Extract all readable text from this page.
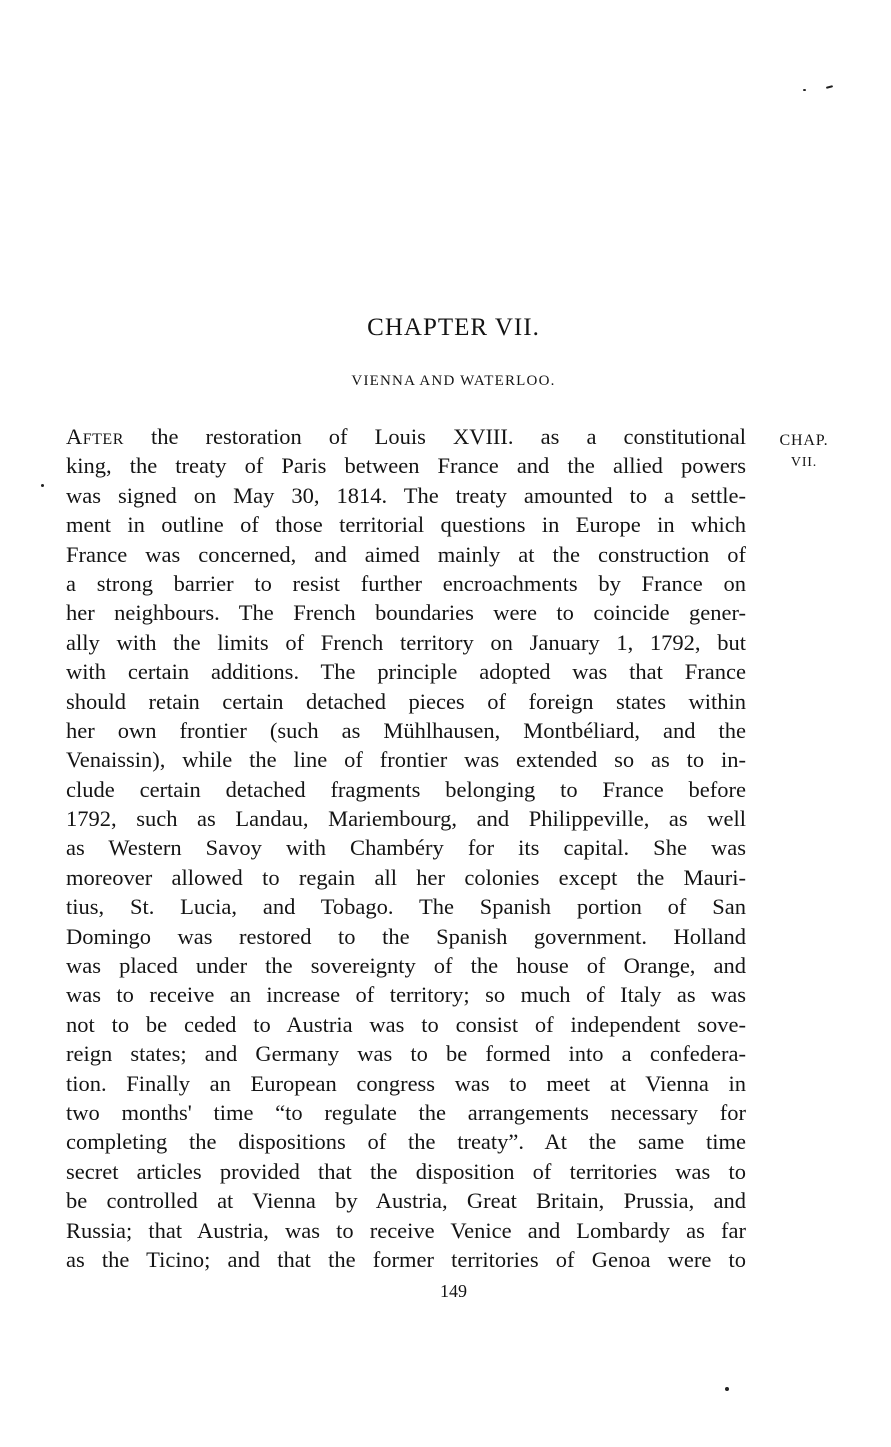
CHAPTER VII.
VIENNA AND WATERLOO.
CHAP.
VII.
After the restoration of Louis XVIII. as a constitutional
king, the treaty of Paris between France and the allied powers
was signed on May 30, 1814. The treaty amounted to a settle-
ment in outline of those territorial questions in Europe in which
France was concerned, and aimed mainly at the construction of
a strong barrier to resist further encroachments by France on
her neighbours. The French boundaries were to coincide gener-
ally with the limits of French territory on January 1, 1792, but
with certain additions. The principle adopted was that France
should retain certain detached pieces of foreign states within
her own frontier (such as Mühlhausen, Montbéliard, and the
Venaissin), while the line of frontier was extended so as to in-
clude certain detached fragments belonging to France before
1792, such as Landau, Mariembourg, and Philippeville, as well
as Western Savoy with Chambéry for its capital. She was
moreover allowed to regain all her colonies except the Mauri-
tius, St. Lucia, and Tobago. The Spanish portion of San
Domingo was restored to the Spanish government. Holland
was placed under the sovereignty of the house of Orange, and
was to receive an increase of territory; so much of Italy as was
not to be ceded to Austria was to consist of independent sove-
reign states; and Germany was to be formed into a confedera-
tion. Finally an European congress was to meet at Vienna in
two months' time “to regulate the arrangements necessary for
completing the dispositions of the treaty”. At the same time
secret articles provided that the disposition of territories was to
be controlled at Vienna by Austria, Great Britain, Prussia, and
Russia; that Austria, was to receive Venice and Lombardy as far
as the Ticino; and that the former territories of Genoa were to
149
